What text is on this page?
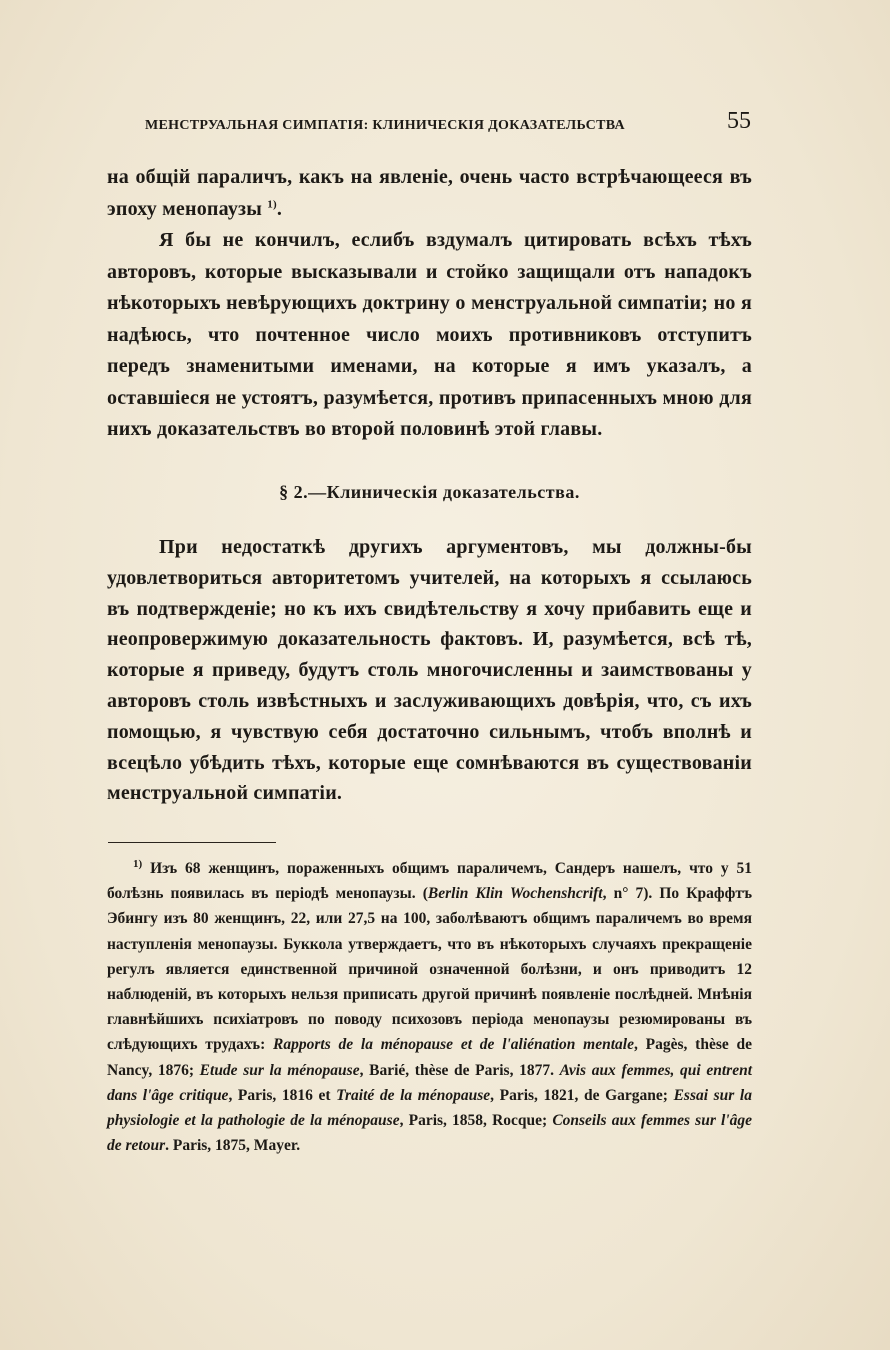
МЕНСТРУАЛЬНАЯ СИМПАТІЯ: КЛИНИЧЕСКІЯ ДОКАЗАТЕЛЬСТВА	55

на общій параличъ, какъ на явленіе, очень часто встрѣчающееся въ эпоху менопаузы $^{1)}$.

Я бы не кончилъ, еслибъ вздумалъ цитировать всѣхъ тѣхъ авторовъ, которые высказывали и стойко защищали отъ нападокъ нѣкоторыхъ невѣрующихъ доктрину о менструальной симпатіи; но я надѣюсь, что почтенное число моихъ противниковъ отступитъ передъ знаменитыми именами, на которые я имъ указалъ, а оставшіеся не устоятъ, разумѣется, противъ припасенныхъ мною для нихъ доказательствъ во второй половинѣ этой главы.

§ 2.—Клиническія доказательства.

При недостаткѣ другихъ аргументовъ, мы должны-бы удовлетвориться авторитетомъ учителей, на которыхъ я ссылаюсь въ подтвержденіе; но къ ихъ свидѣтельству я хочу прибавить еще и неопровержимую доказательность фактовъ. И, разумѣется, всѣ тѣ, которые я приведу, будутъ столь многочисленны и заимствованы у авторовъ столь извѣстныхъ и заслуживающихъ довѣрія, что, съ ихъ помощью, я чувствую себя достаточно сильнымъ, чтобъ вполнѣ и всецѣло убѣдить тѣхъ, которые еще сомнѣваются въ существованіи менструальной симпатіи.

$^{1)}$ Изъ 68 женщинъ, пораженныхъ общимъ параличемъ, Сандеръ нашелъ, что у 51 болѣзнь появилась въ періодѣ менопаузы. (Berlin Klin Wochenshcrift, n° 7). По Краффтъ Эбингу изъ 80 женщинъ, 22, или 27,5 на 100, заболѣваютъ общимъ параличемъ во время наступленія менопаузы. Буккола утверждаетъ, что въ нѣкоторыхъ случаяхъ прекращеніе регулъ является единственной причиной означенной болѣзни, и онъ приводитъ 12 наблюденій, въ которыхъ нельзя приписать другой причинѣ появленіе послѣдней. Мнѣнія главнѣйшихъ психіатровъ по поводу психозовъ періода менопаузы резюмированы въ слѣдующихъ трудахъ: Rapports de la ménopause et de l'aliénation mentale, Pagès, thèse de Nancy, 1876; Etude sur la ménopause, Barié, thèse de Paris, 1877. Avis aux femmes, qui entrent dans l'âge critique, Paris, 1816 et Traité de la ménopause, Paris, 1821, de Gargane; Essai sur la physiologie et la pathologie de la ménopause, Paris, 1858, Rocque; Conseils aux femmes sur l'âge de retour. Paris, 1875, Mayer.
